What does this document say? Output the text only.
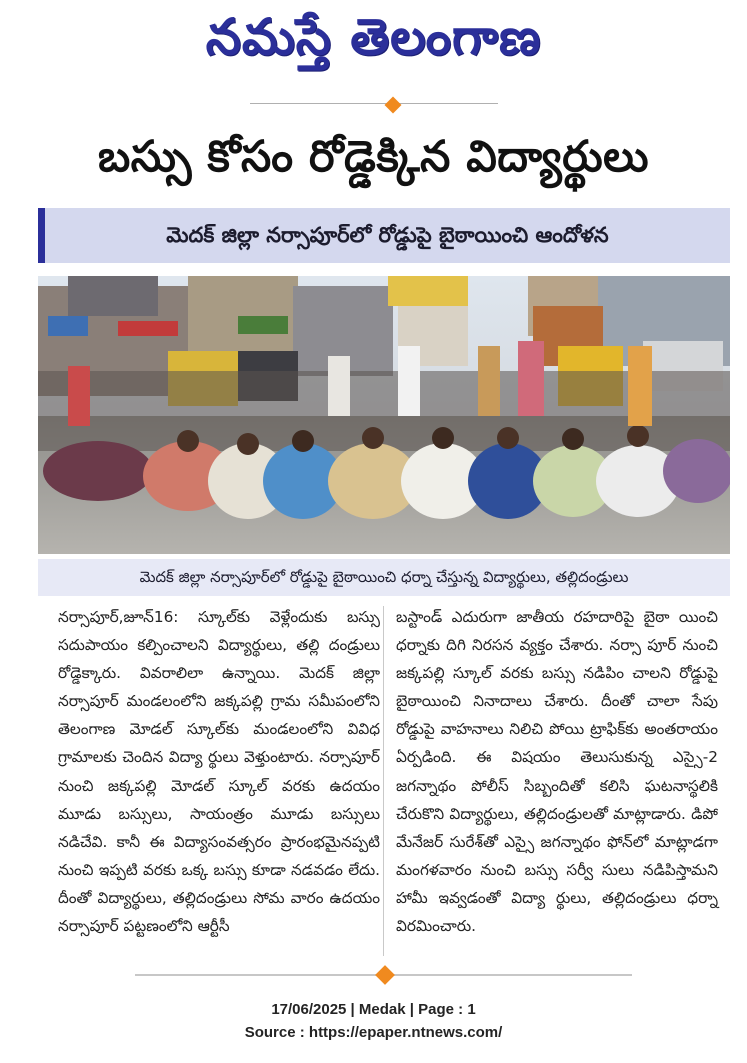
నమస్తే తెలంగాణ
బస్సు కోసం రోడ్డెక్కిన విద్యార్థులు
మెదక్ జిల్లా నర్సాపూర్‌లో రోడ్డుపై బైఠాయించి ఆందోళన
మెదక్ జిల్లా నర్సాపూర్‌లో రోడ్డుపై బైఠాయించి ధర్నా చేస్తున్న విద్యార్థులు, తల్లిదండ్రులు

నర్సాపూర్,జూన్16: స్కూల్‌కు వెళ్లేందుకు బస్సు సదుపాయం కల్పించాలని విద్యార్థులు, తల్లి దండ్రులు రోడ్డెక్కారు. వివరాలిలా ఉన్నాయి. మెదక్ జిల్లా నర్సాపూర్ మండలంలోని జక్కపల్లి గ్రామ సమీపంలోని తెలంగాణ మోడల్ స్కూల్‌కు మండలంలోని వివిధ గ్రామాలకు చెందిన విద్యా ర్థులు వెళ్తుంటారు. నర్సాపూర్ నుంచి జక్కపల్లి మోడల్ స్కూల్ వరకు ఉదయం మూడు బస్సులు, సాయంత్రం మూడు బస్సులు నడిచేవి. కానీ ఈ విద్యాసంవత్సరం ప్రారంభమైనప్పటి నుంచి ఇప్పటి వరకు ఒక్క బస్సు కూడా నడవడం లేదు. దీంతో విద్యార్థులు, తల్లిదండ్రులు సోమ వారం ఉదయం నర్సాపూర్ పట్టణంలోని ఆర్టీసీ

బస్టాండ్ ఎదురుగా జాతీయ రహదారిపై బైఠా యించి ధర్నాకు దిగి నిరసన వ్యక్తం చేశారు. నర్సా పూర్ నుంచి జక్కపల్లి స్కూల్ వరకు బస్సు నడిపిం చాలని రోడ్డుపై బైఠాయించి నినాదాలు చేశారు. దీంతో చాలా సేపు రోడ్డుపై వాహనాలు నిలిచి పోయి ట్రాఫిక్‌కు అంతరాయం ఏర్పడింది. ఈ విషయం తెలుసుకున్న ఎస్సై-2 జగన్నాథం పోలీస్ సిబ్బందితో కలిసి ఘటనాస్థలికి చేరుకొని విద్యార్థులు, తల్లిదండ్రులతో మాట్లాడారు. డిపో మేనేజర్ సురేశ్‌తో ఎస్సై జగన్నాథం ఫోన్‌లో మాట్లాడగా మంగళవారం నుంచి బస్సు సర్వీ సులు నడిపిస్తామని హామీ ఇవ్వడంతో విద్యా ర్థులు, తల్లిదండ్రులు ధర్నా విరమించారు.

17/06/2025 | Medak | Page : 1
Source : https://epaper.ntnews.com/
